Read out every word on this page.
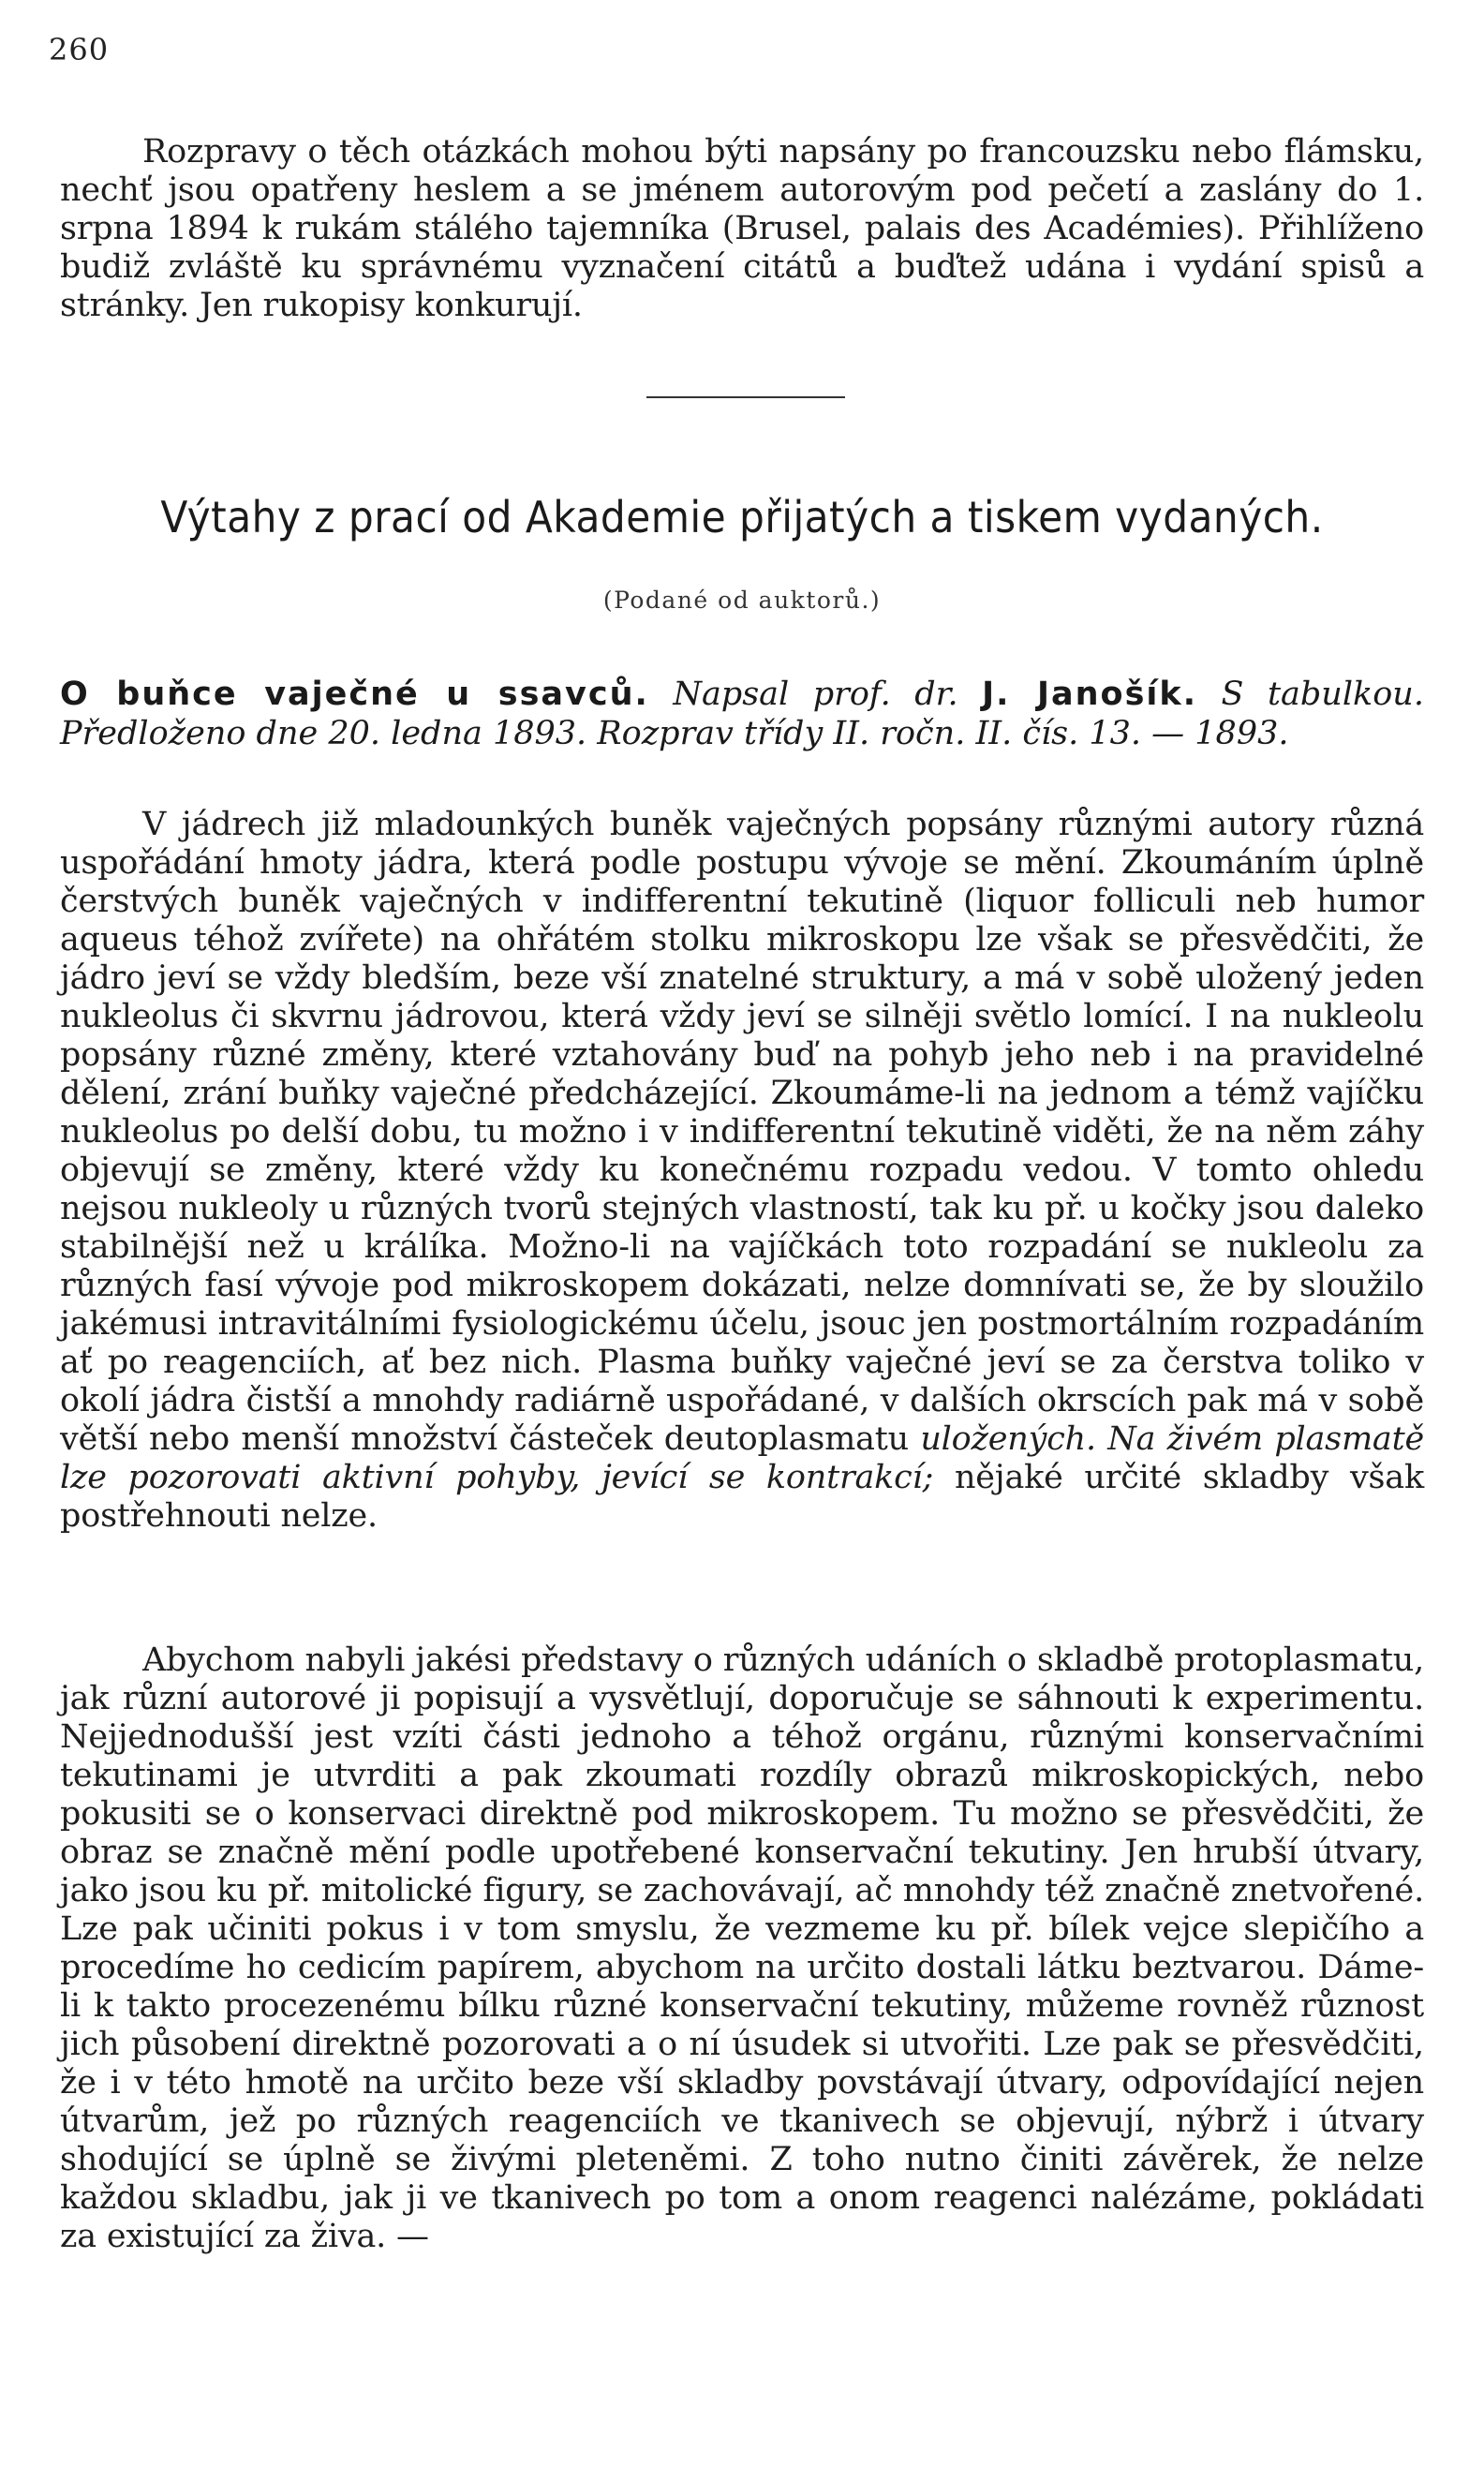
260

Rozpravy o těch otázkách mohou býti napsány po francouzsku nebo flámsku, nechť jsou opatřeny heslem a se jménem autorovým pod pečetí a zaslány do 1. srpna 1894 k rukám stálého tajemníka (Brusel, palais des Académies). Přihlíženo budiž zvláště ku správnému vyznačení citátů a buďtež udána i vydání spisů a stránky. Jen rukopisy konkurují.

Výtahy z prací od Akademie přijatých a tiskem vydaných.
(Podané od auktorů.)

O buňce vaječné u ssavců. Napsal prof. dr. J. Janošík. S tabulkou. Předloženo dne 20. ledna 1893. Rozprav třídy II. ročn. II. čís. 13. — 1893.

V jádrech již mladounkých buněk vaječných popsány různými autory různá uspořádání hmoty jádra, která podle postupu vývoje se mění. Zkoumáním úplně čerstvých buněk vaječných v indifferentní tekutině (liquor folliculi neb humor aqueus téhož zvířete) na ohřátém stolku mikroskopu lze však se přesvědčiti, že jádro jeví se vždy bledším, beze vší znatelné struktury, a má v sobě uložený jeden nukleolus či skvrnu jádrovou, která vždy jeví se silněji světlo lomící. I na nukleolu popsány různé změny, které vztahovány buď na pohyb jeho neb i na pravidelné dělení, zrání buňky vaječné předcházející. Zkoumáme-li na jednom a témž vajíčku nukleolus po delší dobu, tu možno i v indifferentní tekutině viděti, že na něm záhy objevují se změny, které vždy ku konečnému rozpadu vedou. V tomto ohledu nejsou nukleoly u různých tvorů stejných vlastností, tak ku př. u kočky jsou daleko stabilnější než u králíka. Možno-li na vajíčkách toto rozpadání se nukleolu za různých fasí vývoje pod mikroskopem dokázati, nelze domnívati se, že by sloužilo jakémusi intravitálními fysiologickému účelu, jsouc jen postmortálním rozpadáním ať po reagenciích, ať bez nich. Plasma buňky vaječné jeví se za čerstva toliko v okolí jádra čistší a mnohdy radiárně uspořádané, v dalších okrscích pak má v sobě větší nebo menší množství částeček deutoplasmatu uložených. Na živém plasmatě lze pozorovati aktivní pohyby, jevící se kontrakcí; nějaké určité skladby však postřehnouti nelze.

Abychom nabyli jakési představy o různých udáních o skladbě protoplasmatu, jak různí autorové ji popisují a vysvětlují, doporučuje se sáhnouti k experimentu. Nejjednodušší jest vzíti části jednoho a téhož orgánu, různými konservačními tekutinami je utvrditi a pak zkoumati rozdíly obrazů mikroskopických, nebo pokusiti se o konservaci direktně pod mikroskopem. Tu možno se přesvědčiti, že obraz se značně mění podle upotřebené konservační tekutiny. Jen hrubší útvary, jako jsou ku př. mitolické figury, se zachovávají, ač mnohdy též značně znetvořené. Lze pak učiniti pokus i v tom smyslu, že vezmeme ku př. bílek vejce slepičího a procedíme ho cedicím papírem, abychom na určito dostali látku beztvarou. Dáme-li k takto procezenému bílku různé konservační tekutiny, můžeme rovněž různost jich působení direktně pozorovati a o ní úsudek si utvořiti. Lze pak se přesvědčiti, že i v této hmotě na určito beze vší skladby povstávají útvary, odpovídající nejen útvarům, jež po různých reagenciích ve tkanivech se objevují, nýbrž i útvary shodující se úplně se živými pleteněmi. Z toho nutno činiti závěrek, že nelze každou skladbu, jak ji ve tkanivech po tom a onom reagenci nalézáme, pokládati za existující za živa. —
